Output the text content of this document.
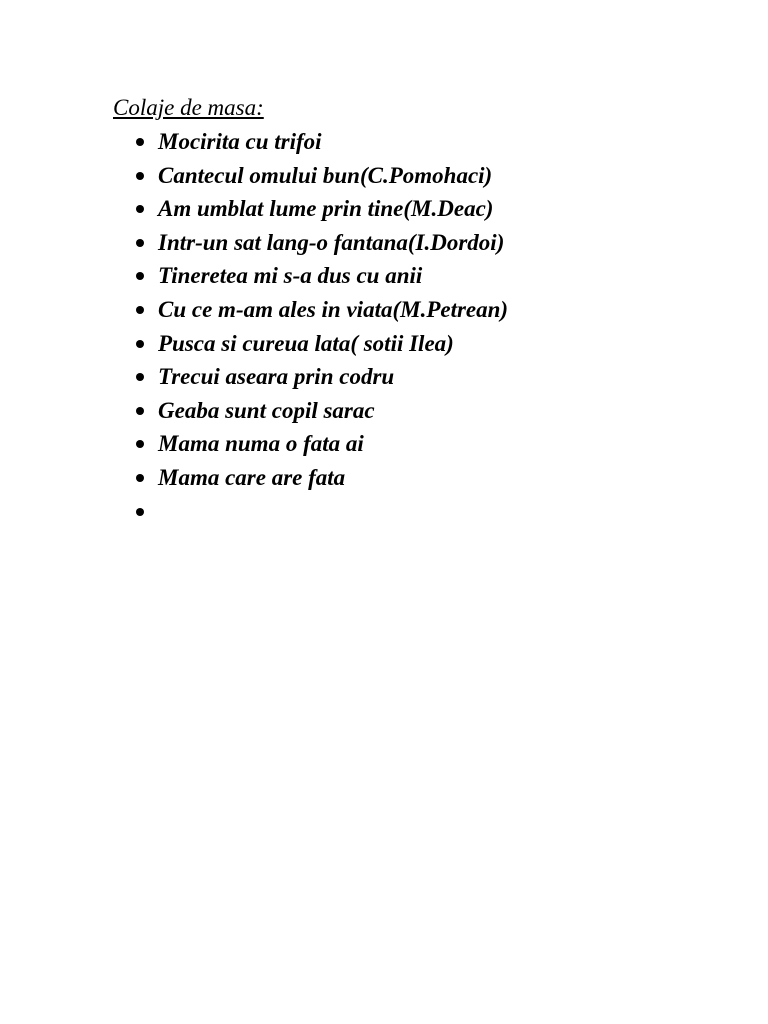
Colaje de masa:
Mocirita cu trifoi
Cantecul omului bun(C.Pomohaci)
Am umblat lume prin tine(M.Deac)
Intr-un sat lang-o fantana(I.Dordoi)
Tineretea mi s-a dus cu anii
Cu ce m-am ales in viata(M.Petrean)
Pusca si cureua lata( sotii Ilea)
Trecui aseara prin codru
Geaba sunt copil sarac
Mama numa o fata ai
Mama care are fata
